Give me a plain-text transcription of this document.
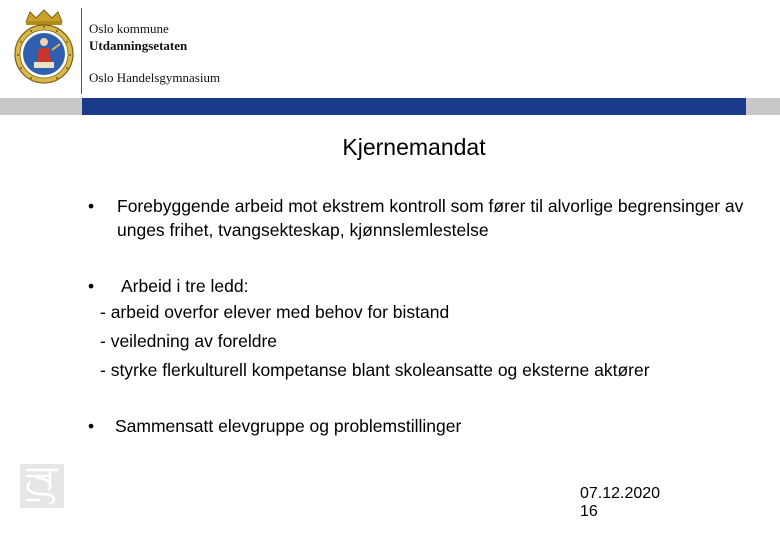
Oslo kommune
Utdanningsetaten
Oslo Handelsgymnasium
Kjernemandat
• Forebyggende arbeid mot ekstrem kontroll som fører til alvorlige begrensinger av unges frihet, tvangsekteskap, kjønnslemlestelse
• Arbeid i tre ledd:
- arbeid overfor elever med behov for bistand
- veiledning av foreldre
- styrke flerkulturell kompetanse blant skoleansatte og eksterne aktører
• Sammensatt elevgruppe og problemstillinger
07.12.2020
16
